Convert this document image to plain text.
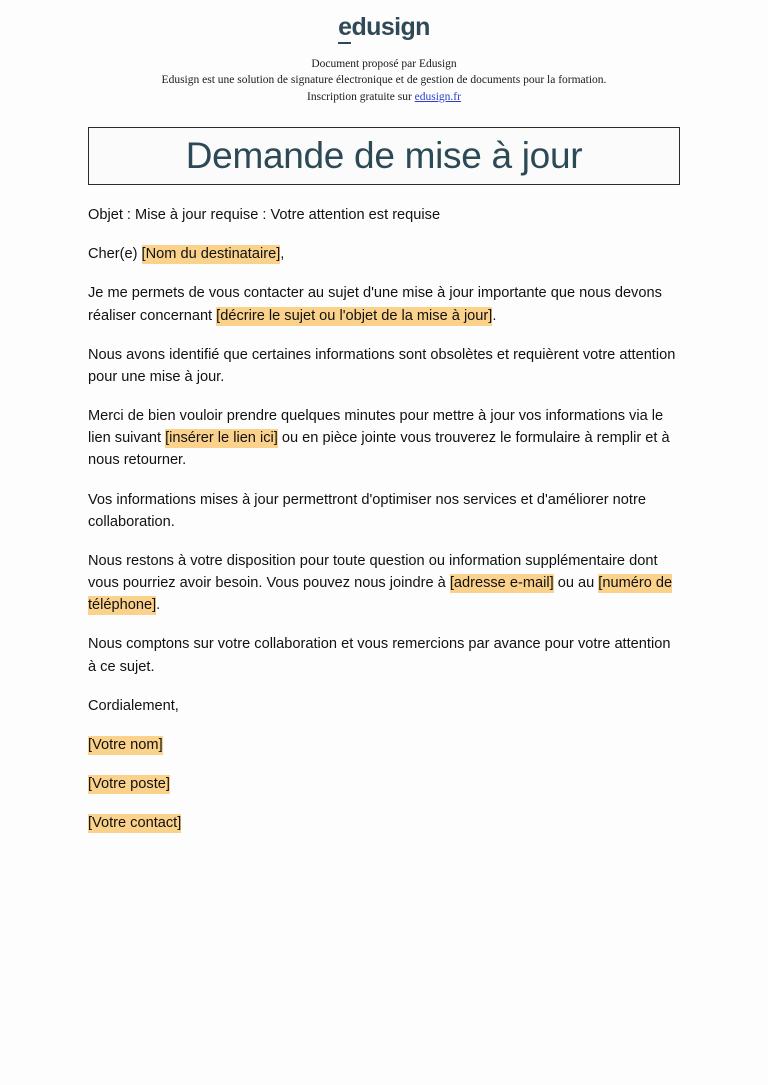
edusign
Document proposé par Edusign
Edusign est une solution de signature électronique et de gestion de documents pour la formation.
Inscription gratuite sur edusign.fr
Demande de mise à jour

Objet : Mise à jour requise : Votre attention est requise

Cher(e) [Nom du destinataire],

Je me permets de vous contacter au sujet d'une mise à jour importante que nous devons réaliser concernant [décrire le sujet ou l'objet de la mise à jour].

Nous avons identifié que certaines informations sont obsolètes et requièrent votre attention pour une mise à jour.

Merci de bien vouloir prendre quelques minutes pour mettre à jour vos informations via le lien suivant [insérer le lien ici] ou en pièce jointe vous trouverez le formulaire à remplir et à nous retourner.

Vos informations mises à jour permettront d'optimiser nos services et d'améliorer notre collaboration.

Nous restons à votre disposition pour toute question ou information supplémentaire dont vous pourriez avoir besoin. Vous pouvez nous joindre à [adresse e-mail] ou au [numéro de téléphone].

Nous comptons sur votre collaboration et vous remercions par avance pour votre attention à ce sujet.

Cordialement,

[Votre nom]

[Votre poste]

[Votre contact]
